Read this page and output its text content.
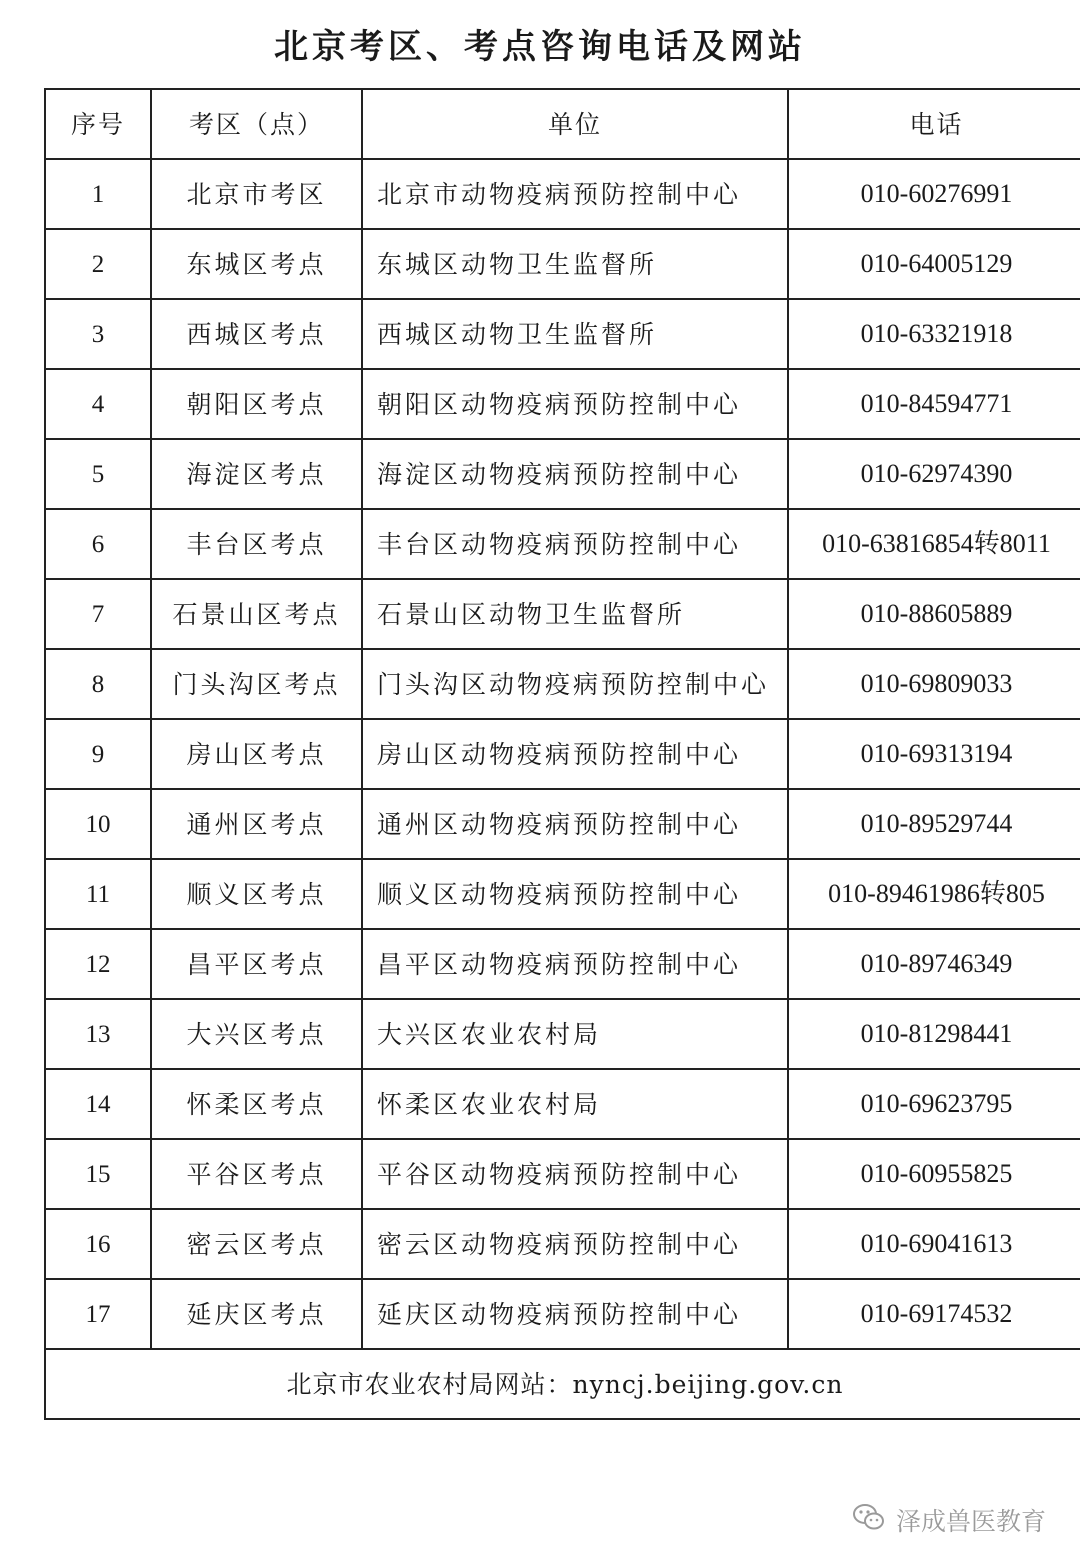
北京考区、考点咨询电话及网站
序号	考区（点）	单位	电话
1	北京市考区	北京市动物疫病预防控制中心	010-60276991
2	东城区考点	东城区动物卫生监督所	010-64005129
3	西城区考点	西城区动物卫生监督所	010-63321918
4	朝阳区考点	朝阳区动物疫病预防控制中心	010-84594771
5	海淀区考点	海淀区动物疫病预防控制中心	010-62974390
6	丰台区考点	丰台区动物疫病预防控制中心	010-63816854转8011
7	石景山区考点	石景山区动物卫生监督所	010-88605889
8	门头沟区考点	门头沟区动物疫病预防控制中心	010-69809033
9	房山区考点	房山区动物疫病预防控制中心	010-69313194
10	通州区考点	通州区动物疫病预防控制中心	010-89529744
11	顺义区考点	顺义区动物疫病预防控制中心	010-89461986转805
12	昌平区考点	昌平区动物疫病预防控制中心	010-89746349
13	大兴区考点	大兴区农业农村局	010-81298441
14	怀柔区考点	怀柔区农业农村局	010-69623795
15	平谷区考点	平谷区动物疫病预防控制中心	010-60955825
16	密云区考点	密云区动物疫病预防控制中心	010-69041613
17	延庆区考点	延庆区动物疫病预防控制中心	010-69174532
北京市农业农村局网站：nyncj.beijing.gov.cn			
泽成兽医教育
